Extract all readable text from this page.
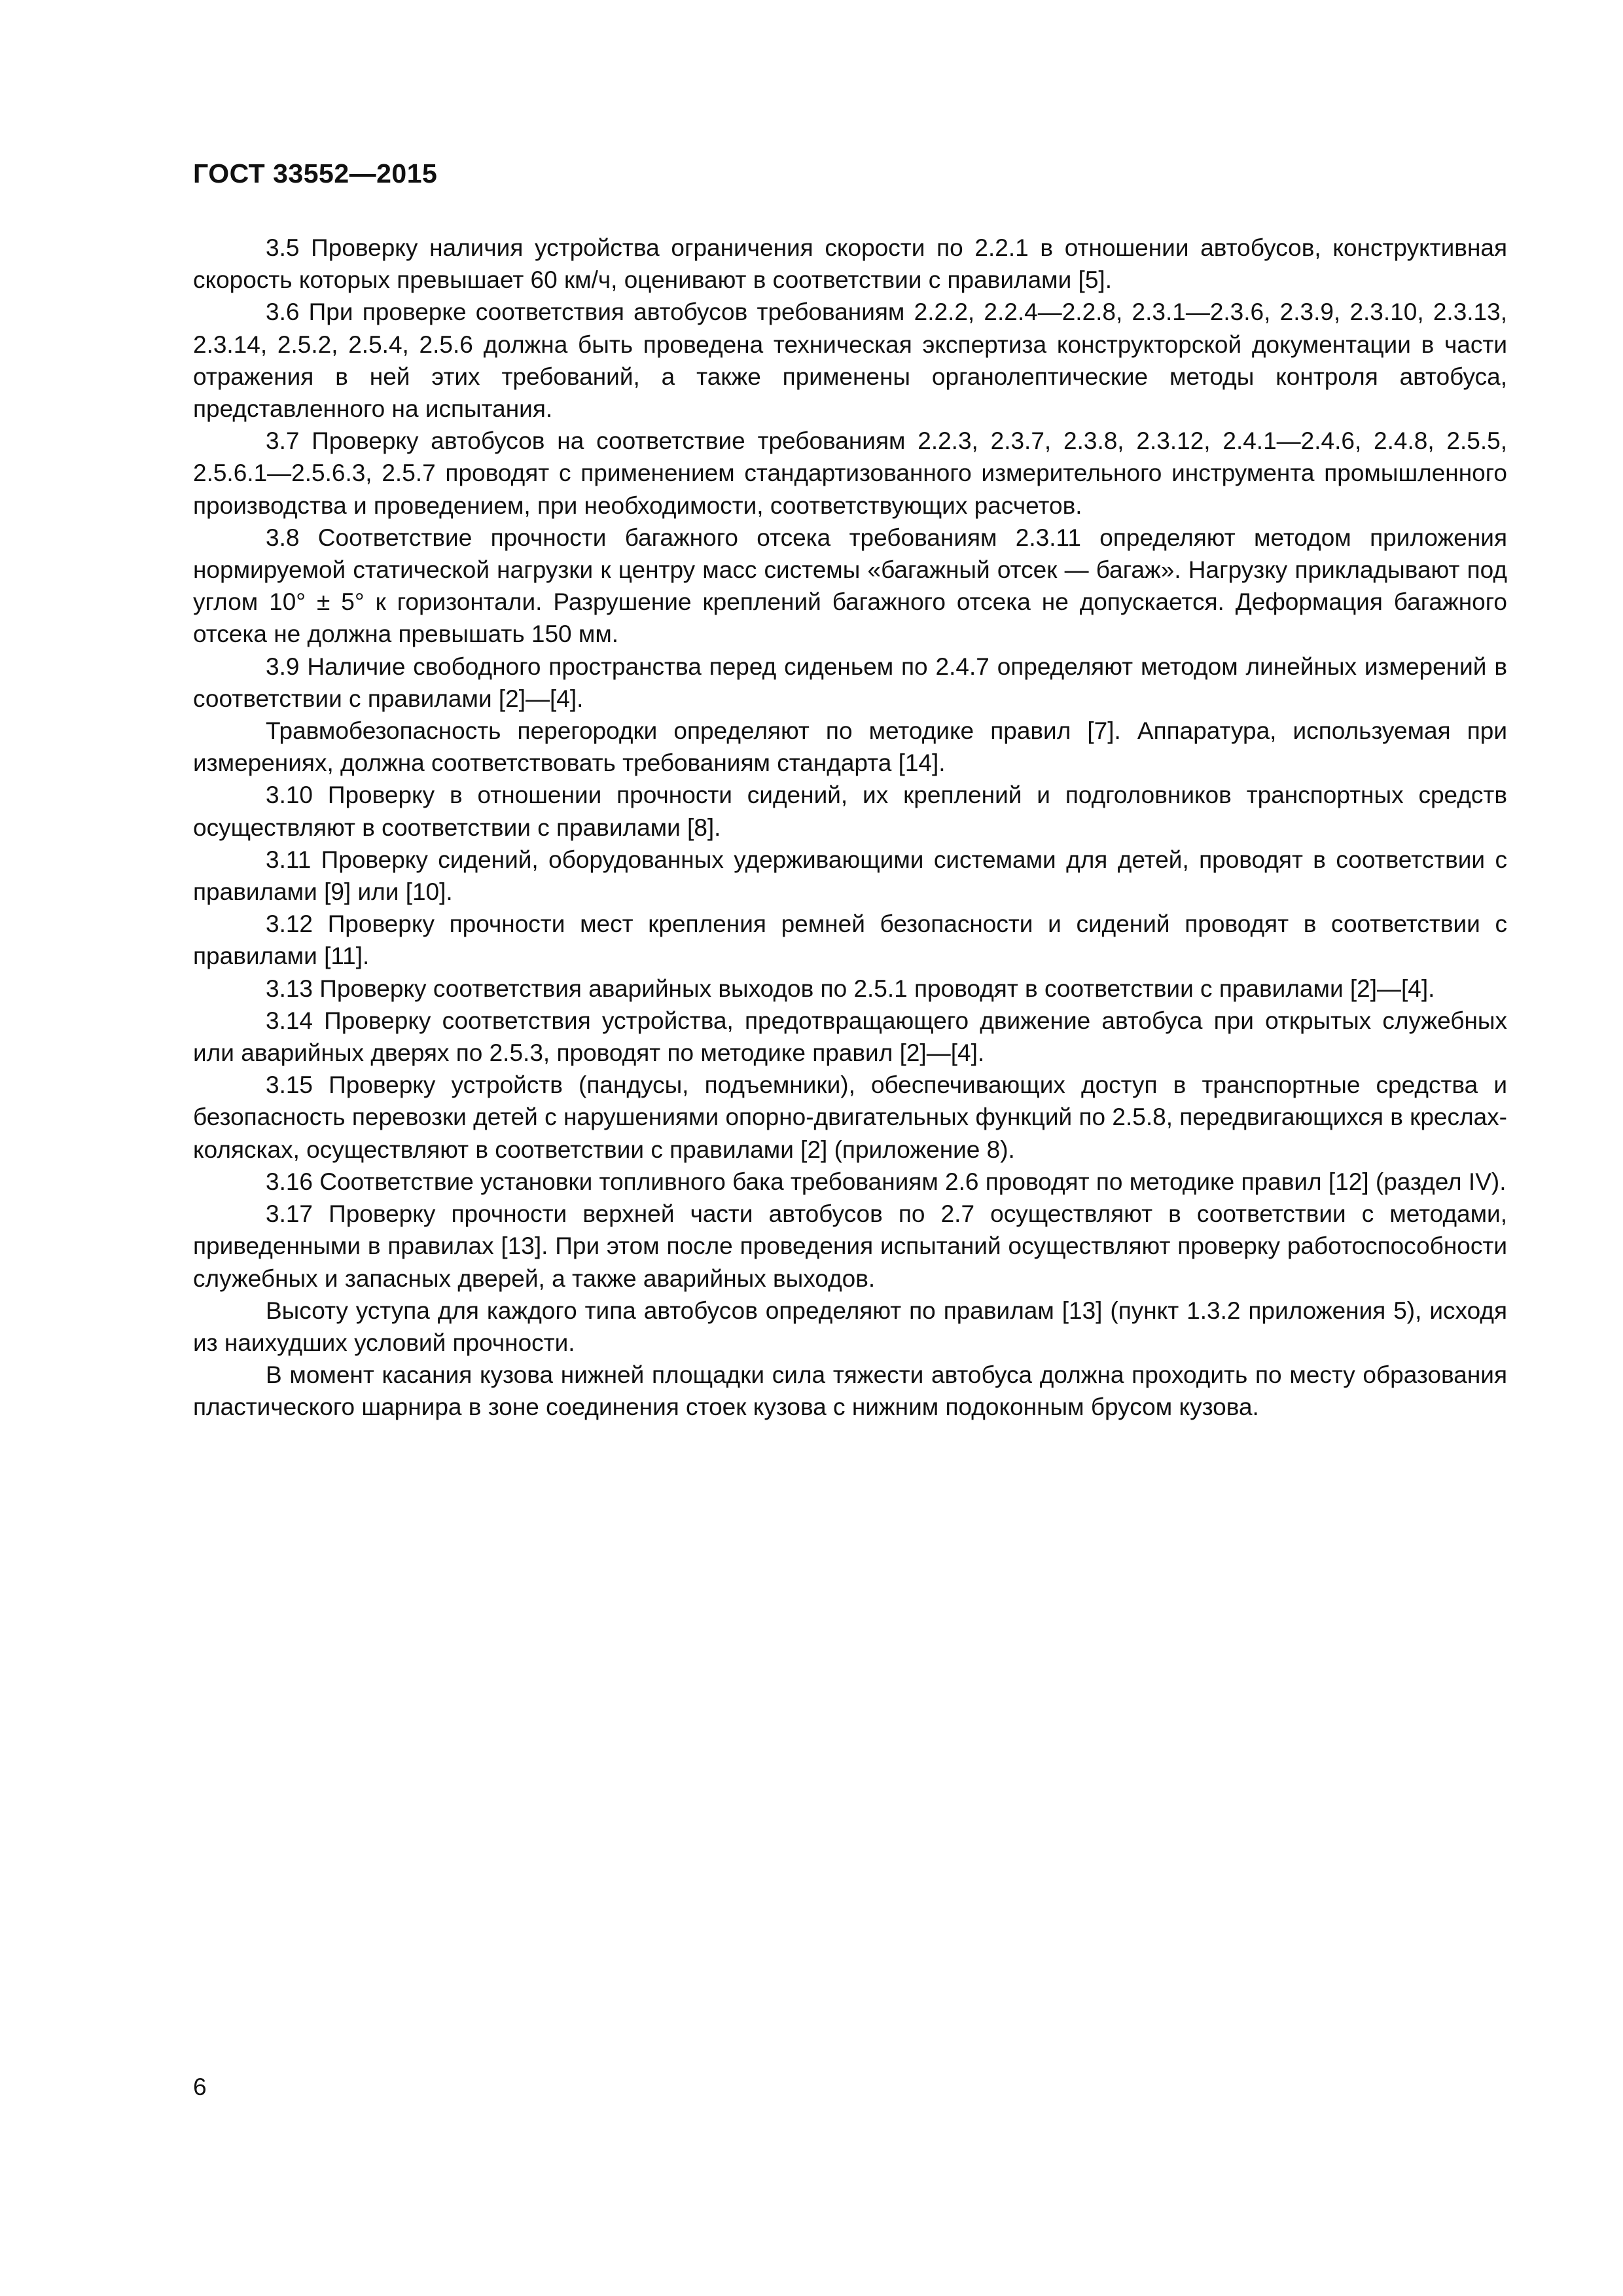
ГОСТ 33552—2015

3.5 Проверку наличия устройства ограничения скорости по 2.2.1 в отношении автобусов, конструктивная скорость которых превышает 60 км/ч, оценивают в соответствии с правилами [5].

3.6 При проверке соответствия автобусов требованиям 2.2.2, 2.2.4—2.2.8, 2.3.1—2.3.6, 2.3.9, 2.3.10, 2.3.13, 2.3.14, 2.5.2, 2.5.4, 2.5.6 должна быть проведена техническая экспертиза конструкторской документации в части отражения в ней этих требований, а также применены органолептические методы контроля автобуса, представленного на испытания.

3.7 Проверку автобусов на соответствие требованиям 2.2.3, 2.3.7, 2.3.8, 2.3.12, 2.4.1—2.4.6, 2.4.8, 2.5.5, 2.5.6.1—2.5.6.3, 2.5.7 проводят с применением стандартизованного измерительного инструмента промышленного производства и проведением, при необходимости, соответствующих расчетов.

3.8 Соответствие прочности багажного отсека требованиям 2.3.11 определяют методом приложения нормируемой статической нагрузки к центру масс системы «багажный отсек — багаж». Нагрузку прикладывают под углом 10° ± 5° к горизонтали. Разрушение креплений багажного отсека не допускается. Деформация багажного отсека не должна превышать 150 мм.

3.9 Наличие свободного пространства перед сиденьем по 2.4.7 определяют методом линейных измерений в соответствии с правилами [2]—[4].

Травмобезопасность перегородки определяют по методике правил [7]. Аппаратура, используемая при измерениях, должна соответствовать требованиям стандарта [14].

3.10 Проверку в отношении прочности сидений, их креплений и подголовников транспортных средств осуществляют в соответствии с правилами [8].

3.11 Проверку сидений, оборудованных удерживающими системами для детей, проводят в соответствии с правилами [9] или [10].

3.12 Проверку прочности мест крепления ремней безопасности и сидений проводят в соответствии с правилами [11].

3.13 Проверку соответствия аварийных выходов по 2.5.1 проводят в соответствии с правилами [2]—[4].

3.14 Проверку соответствия устройства, предотвращающего движение автобуса при открытых служебных или аварийных дверях по 2.5.3, проводят по методике правил [2]—[4].

3.15 Проверку устройств (пандусы, подъемники), обеспечивающих доступ в транспортные средства и безопасность перевозки детей с нарушениями опорно-двигательных функций по 2.5.8, передвигающихся в креслах-колясках, осуществляют в соответствии с правилами [2] (приложение 8).

3.16 Соответствие установки топливного бака требованиям 2.6 проводят по методике правил [12] (раздел IV).

3.17 Проверку прочности верхней части автобусов по 2.7 осуществляют в соответствии с методами, приведенными в правилах [13]. При этом после проведения испытаний осуществляют проверку работоспособности служебных и запасных дверей, а также аварийных выходов.

Высоту уступа для каждого типа автобусов определяют по правилам [13] (пункт 1.3.2 приложения 5), исходя из наихудших условий прочности.

В момент касания кузова нижней площадки сила тяжести автобуса должна проходить по месту образования пластического шарнира в зоне соединения стоек кузова с нижним подоконным брусом кузова.

6
